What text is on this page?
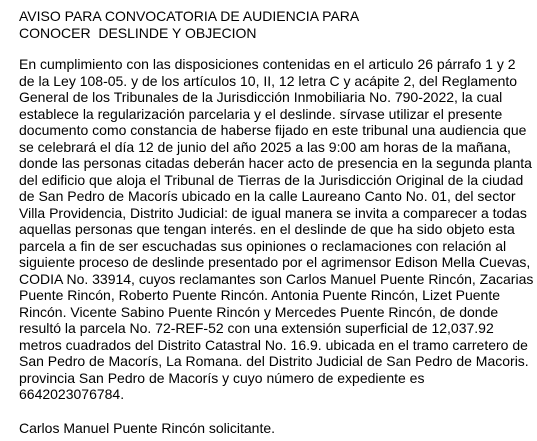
AVISO PARA CONVOCATORIA DE AUDIENCIA PARA
CONOCER  DESLINDE Y OBJECION

En cumplimiento con las disposiciones contenidas en el articulo 26 párrafo 1 y 2
de la Ley 108-05. y de los artículos 10, II, 12 letra C y acápite 2, del Reglamento
General de los Tribunales de la Jurisdicción Inmobiliaria No. 790-2022, la cual
establece la regularización parcelaria y el deslinde. sírvase utilizar el presente
documento como constancia de haberse fijado en este tribunal una audiencia que
se celebrará el día 12 de junio del año 2025 a las 9:00 am horas de la mañana,
donde las personas citadas deberán hacer acto de presencia en la segunda planta
del edificio que aloja el Tribunal de Tierras de la Jurisdicción Original de la ciudad
de San Pedro de Macorís ubicado en la calle Laureano Canto No. 01, del sector
Villa Providencia, Distrito Judicial: de igual manera se invita a comparecer a todas
aquellas personas que tengan interés. en el deslinde de que ha sido objeto esta
parcela a fin de ser escuchadas sus opiniones o reclamaciones con relación al
siguiente proceso de deslinde presentado por el agrimensor Edison Mella Cuevas,
CODIA No. 33914, cuyos reclamantes son Carlos Manuel Puente Rincón, Zacarias
Puente Rincón, Roberto Puente Rincón. Antonia Puente Rincón, Lizet Puente
Rincón. Vicente Sabino Puente Rincón y Mercedes Puente Rincón, de donde
resultó la parcela No. 72-REF-52 con una extensión superficial de 12,037.92
metros cuadrados del Distrito Catastral No. 16.9. ubicada en el tramo carretero de
San Pedro de Macorís, La Romana. del Distrito Judicial de San Pedro de Macoris.
provincia San Pedro de Macorís y cuyo número de expediente es
6642023076784.

Carlos Manuel Puente Rincón solicitante.
